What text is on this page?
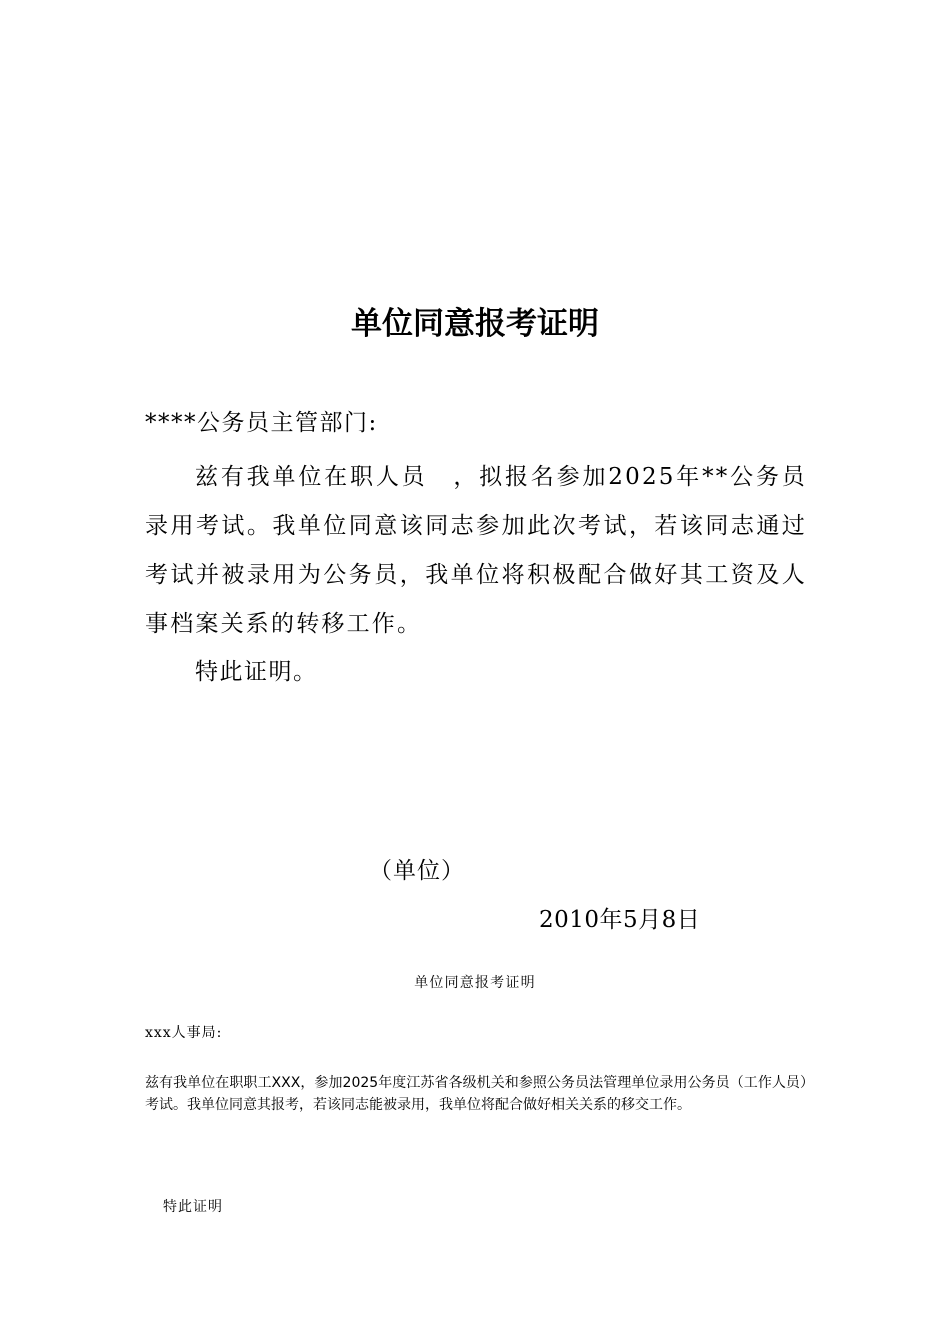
单位同意报考证明
****公务员主管部门:
兹有我单位在职人员　，拟报名参加2025年**公务员录用考试。我单位同意该同志参加此次考试，若该同志通过考试并被录用为公务员，我单位将积极配合做好其工资及人事档案关系的转移工作。
特此证明。
（单位）
2010年5月8日
单位同意报考证明
xxx人事局:
兹有我单位在职职工XXX，参加2025年度江苏省各级机关和参照公务员法管理单位录用公务员（工作人员）考试。我单位同意其报考，若该同志能被录用，我单位将配合做好相关关系的移交工作。
特此证明
